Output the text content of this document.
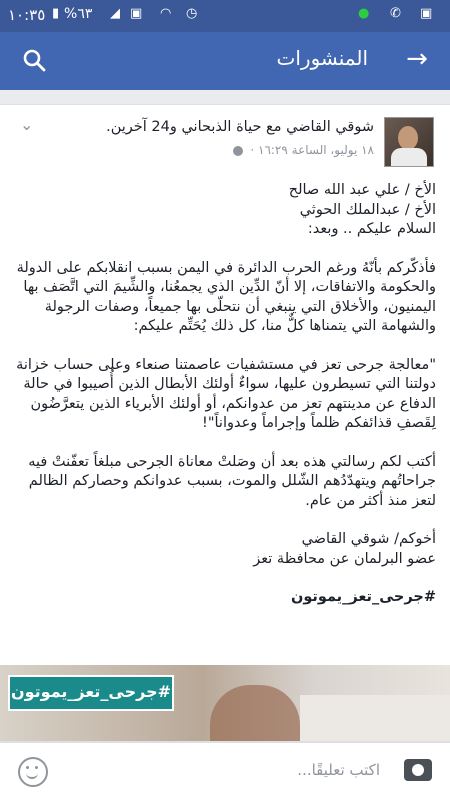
١٠:٣٥ %٦٣
▮	◢ ▣ ◠ ◷	● ✆ ▣
→
المنشورات
شوقي القاضي مع حياة الذبحاني و24 آخرين.
١٨ يوليو، الساعة ١٦:٢٩ ·
⌄

الأخ / علي عبد الله صالح
الأخ / عبدالملك الحوثي
السلام عليكم .. وبعد:

فأذكّركم بأنّهُ ورغم الحرب الدائرة في اليمن بسبب انقلابكم على الدولة والحكومة والاتفاقات، إلا أنّ الدِّين الذي يجمعُنا، والشِّيمَ التي اتَّصَف بها اليمنيون، والأخلاق التي ينبغي أن نتحلّى بها جميعاً، وصفات الرجولة والشهامة التي يتمناها كلٌّ منا، كل ذلك يُحَتِّم عليكم:

"معالجة جرحى تعز في مستشفيات عاصمتنا صنعاء وعلى حساب خزانة دولتنا التي تسيطرون عليها، سواءٌ أولئك الأبطال الذين أُصيبوا في حالة الدفاع عن مدينتهم تعز من عدوانكم، أو أولئك الأبرياء الذين يتعرَّضُون لِقَصفِ قذائفكم ظلماً وإجراماً وعدواناً"!

أكتب لكم رسالتي هذه بعد أن وصَلتْ معاناة الجرحى مبلغاً تعفّنتْ فيه جراحاتُهم ويتهدّدُهم الشّلل والموت، بسبب عدوانكم وحصاركم الظالم لتعز منذ أكثر من عام.

أخوكم/ شوقي القاضي
عضو البرلمان عن محافظة تعز

#جرحى_تعز_يموتون

#جرحى_تعز_يموتون
اكتب تعليقًا...
